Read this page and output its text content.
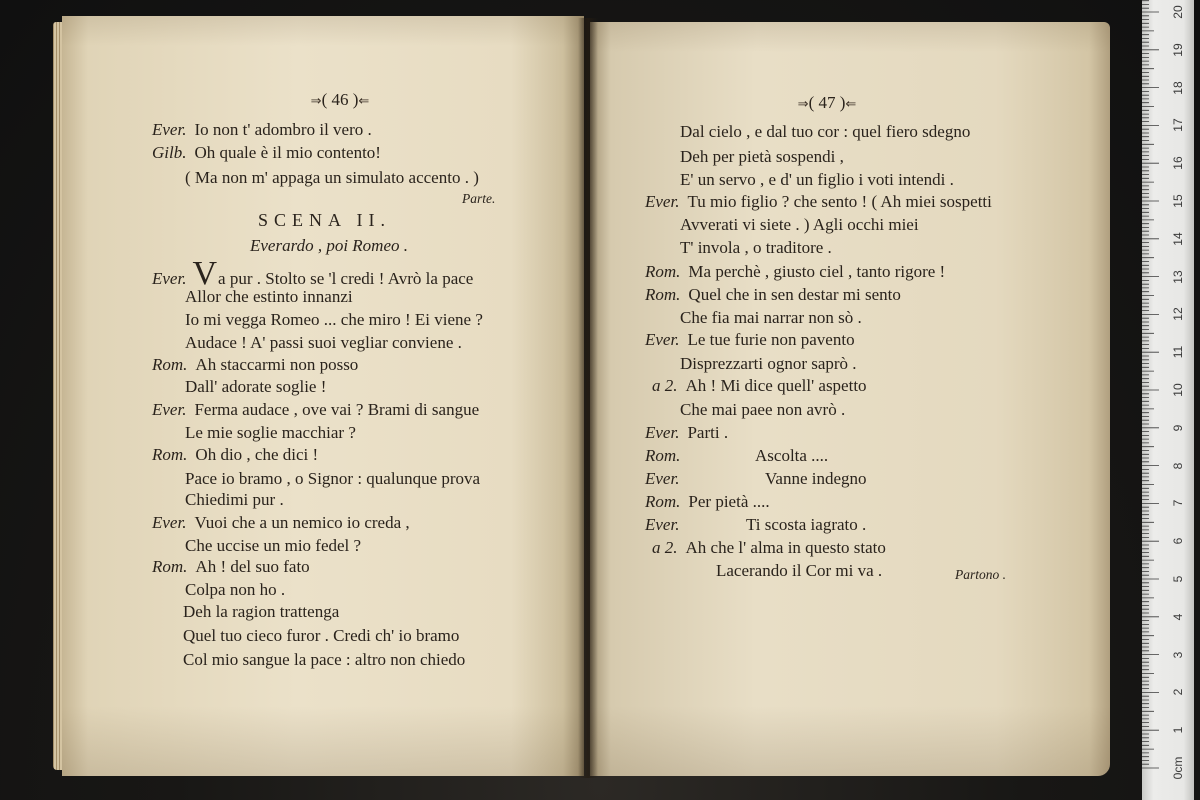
⇒ ( 46 )⇐
Ever. Io non t' adombro il vero .
Gilb. Oh quale è il mio contento!
( Ma non m' appaga un simulato accento . )
Parte.
SCENA II.
Everardo , poi Romeo .
Ever. Va pur . Stolto se 'l credi ! Avrò la pace
Allor che estinto innanzi
Io mi vegga Romeo ... che miro ! Ei viene ?
Audace ! A' passi suoi vegliar conviene .
Rom. Ah staccarmi non posso
Dall' adorate soglie !
Ever. Ferma audace , ove vai ? Brami di sangue
Le mie soglie macchiar ?
Rom. Oh dio , che dici !
Pace io bramo , o Signor : qualunque prova
Chiedimi pur .
Ever. Vuoi che a un nemico io creda ,
Che uccise un mio fedel ?
Rom. Ah ! del suo fato
Colpa non ho .
Deh la ragion trattenga
Quel tuo cieco furor . Credi ch' io bramo
Col mio sangue la pace : altro non chiedo
⇒ ( 47 )⇐
Dal cielo , e dal tuo cor : quel fiero sdegno
Deh per pietà sospendi ,
E' un servo , e d' un figlio i voti intendi .
Ever. Tu mio figlio ? che sento ! ( Ah miei sospetti
Avverati vi siete . ) Agli occhi miei
T' invola , o traditore .
Rom. Ma perchè , giusto ciel , tanto rigore !
Rom. Quel che in sen destar mi sento
Che fia mai narrar non sò .
Ever. Le tue furie non pavento
Disprezzarti ognor saprò .
a 2. Ah ! Mi dice quell' aspetto
Che mai paee non avrò .
Ever. Parti .
Rom.	Ascolta ....
Ever.	Vanne indegno
Rom. Per pietà ....
Ever.	Ti scosta iagrato .
a 2. Ah che l' alma in questo stato
Lacerando il Cor mi va .	Partono .
0cm
1
2
3
4
5
6
7
8
9
10
11
12
13
14
15
16
17
18
19
20
